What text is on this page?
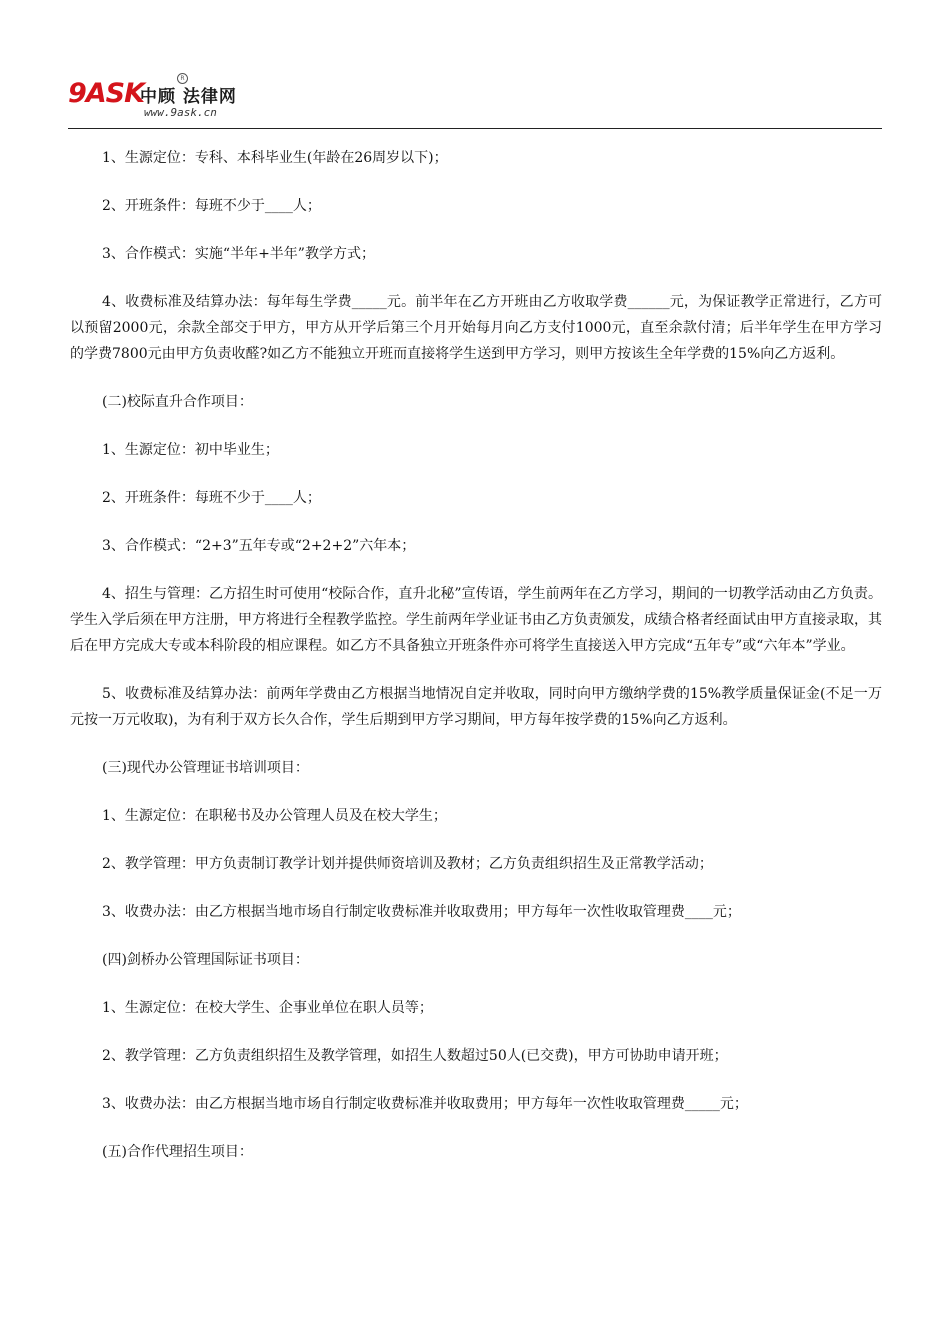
9ASK
中顾 法律网
R
www.9ask.cn

1、生源定位：专科、本科毕业生(年龄在26周岁以下)；

2、开班条件：每班不少于____人；

3、合作模式：实施“半年+半年”教学方式；

4、收费标准及结算办法：每年每生学费_____元。前半年在乙方开班由乙方收取学费______元，为保证教学正常进行，乙方可以预留2000元，余款全部交于甲方，甲方从开学后第三个月开始每月向乙方支付1000元，直至余款付清；后半年学生在甲方学习的学费7800元由甲方负责收醛?如乙方不能独立开班而直接将学生送到甲方学习，则甲方按该生全年学费的15%向乙方返利。

(二)校际直升合作项目：

1、生源定位：初中毕业生；

2、开班条件：每班不少于____人；

3、合作模式：“2+3”五年专或“2+2+2”六年本；

4、招生与管理：乙方招生时可使用“校际合作，直升北秘”宣传语，学生前两年在乙方学习，期间的一切教学活动由乙方负责。学生入学后须在甲方注册，甲方将进行全程教学监控。学生前两年学业证书由乙方负责颁发，成绩合格者经面试由甲方直接录取，其后在甲方完成大专或本科阶段的相应课程。如乙方不具备独立开班条件亦可将学生直接送入甲方完成“五年专”或“六年本”学业。

5、收费标准及结算办法：前两年学费由乙方根据当地情况自定并收取，同时向甲方缴纳学费的15%教学质量保证金(不足一万元按一万元收取)，为有利于双方长久合作，学生后期到甲方学习期间，甲方每年按学费的15%向乙方返利。

(三)现代办公管理证书培训项目：

1、生源定位：在职秘书及办公管理人员及在校大学生；

2、教学管理：甲方负责制订教学计划并提供师资培训及教材；乙方负责组织招生及正常教学活动；

3、收费办法：由乙方根据当地市场自行制定收费标准并收取费用；甲方每年一次性收取管理费____元；

(四)剑桥办公管理国际证书项目：

1、生源定位：在校大学生、企事业单位在职人员等；

2、教学管理：乙方负责组织招生及教学管理，如招生人数超过50人(已交费)，甲方可协助申请开班；

3、收费办法：由乙方根据当地市场自行制定收费标准并收取费用；甲方每年一次性收取管理费_____元；

(五)合作代理招生项目：
